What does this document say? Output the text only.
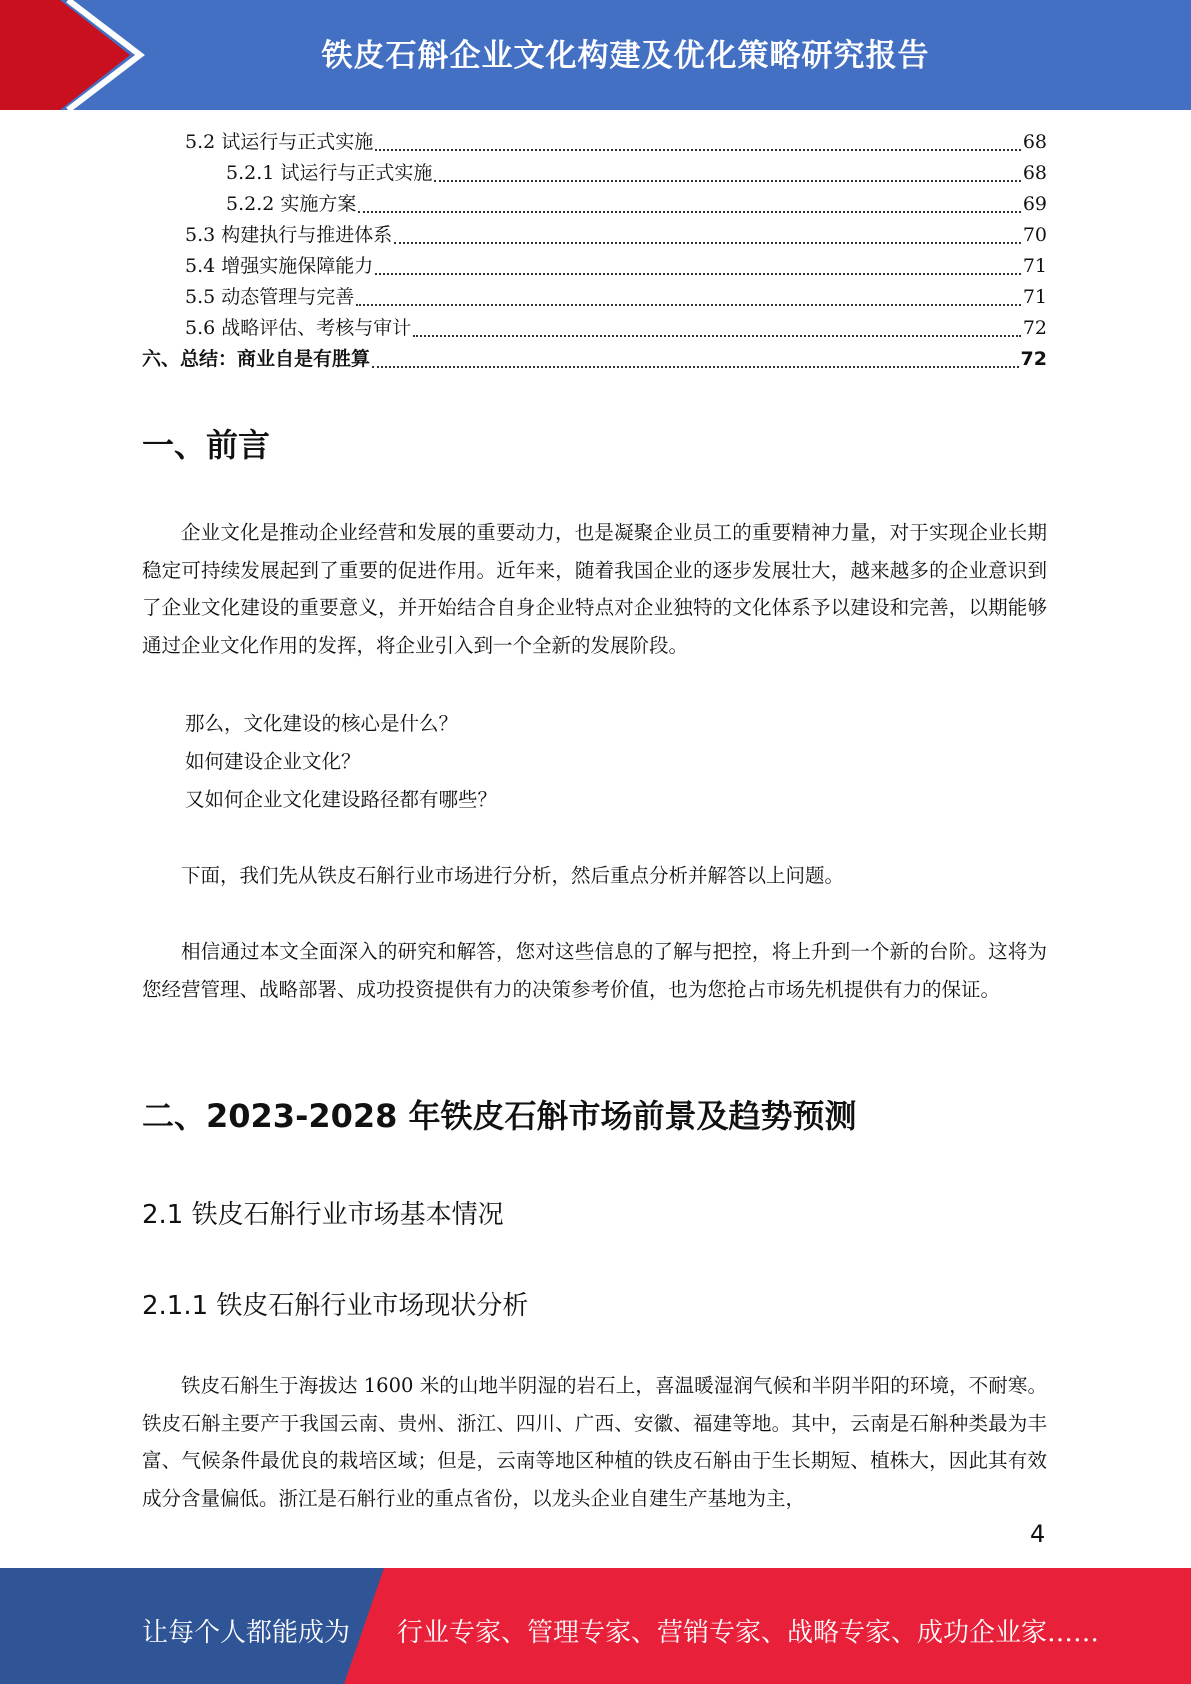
铁皮石斛企业文化构建及优化策略研究报告
5.2 试运行与正式实施	68
5.2.1 试运行与正式实施	68
5.2.2 实施方案	69
5.3 构建执行与推进体系	70
5.4 增强实施保障能力	71
5.5 动态管理与完善	71
5.6 战略评估、考核与审计	72
六、总结：商业自是有胜算	72
一、前言
企业文化是推动企业经营和发展的重要动力，也是凝聚企业员工的重要精神力量，对于实现企业长期稳定可持续发展起到了重要的促进作用。近年来，随着我国企业的逐步发展壮大，越来越多的企业意识到了企业文化建设的重要意义，并开始结合自身企业特点对企业独特的文化体系予以建设和完善，以期能够通过企业文化作用的发挥，将企业引入到一个全新的发展阶段。
那么，文化建设的核心是什么？
如何建设企业文化？
又如何企业文化建设路径都有哪些？
下面，我们先从铁皮石斛行业市场进行分析，然后重点分析并解答以上问题。
相信通过本文全面深入的研究和解答，您对这些信息的了解与把控，将上升到一个新的台阶。这将为您经营管理、战略部署、成功投资提供有力的决策参考价值，也为您抢占市场先机提供有力的保证。
二、2023-2028 年铁皮石斛市场前景及趋势预测
2.1 铁皮石斛行业市场基本情况
2.1.1 铁皮石斛行业市场现状分析
铁皮石斛生于海拔达 1600 米的山地半阴湿的岩石上，喜温暖湿润气候和半阴半阳的环境，不耐寒。铁皮石斛主要产于我国云南、贵州、浙江、四川、广西、安徽、福建等地。其中，云南是石斛种类最为丰富、气候条件最优良的栽培区域；但是，云南等地区种植的铁皮石斛由于生长期短、植株大，因此其有效成分含量偏低。浙江是石斛行业的重点省份，以龙头企业自建生产基地为主，
4
让每个人都能成为 行业专家、管理专家、营销专家、战略专家、成功企业家……
